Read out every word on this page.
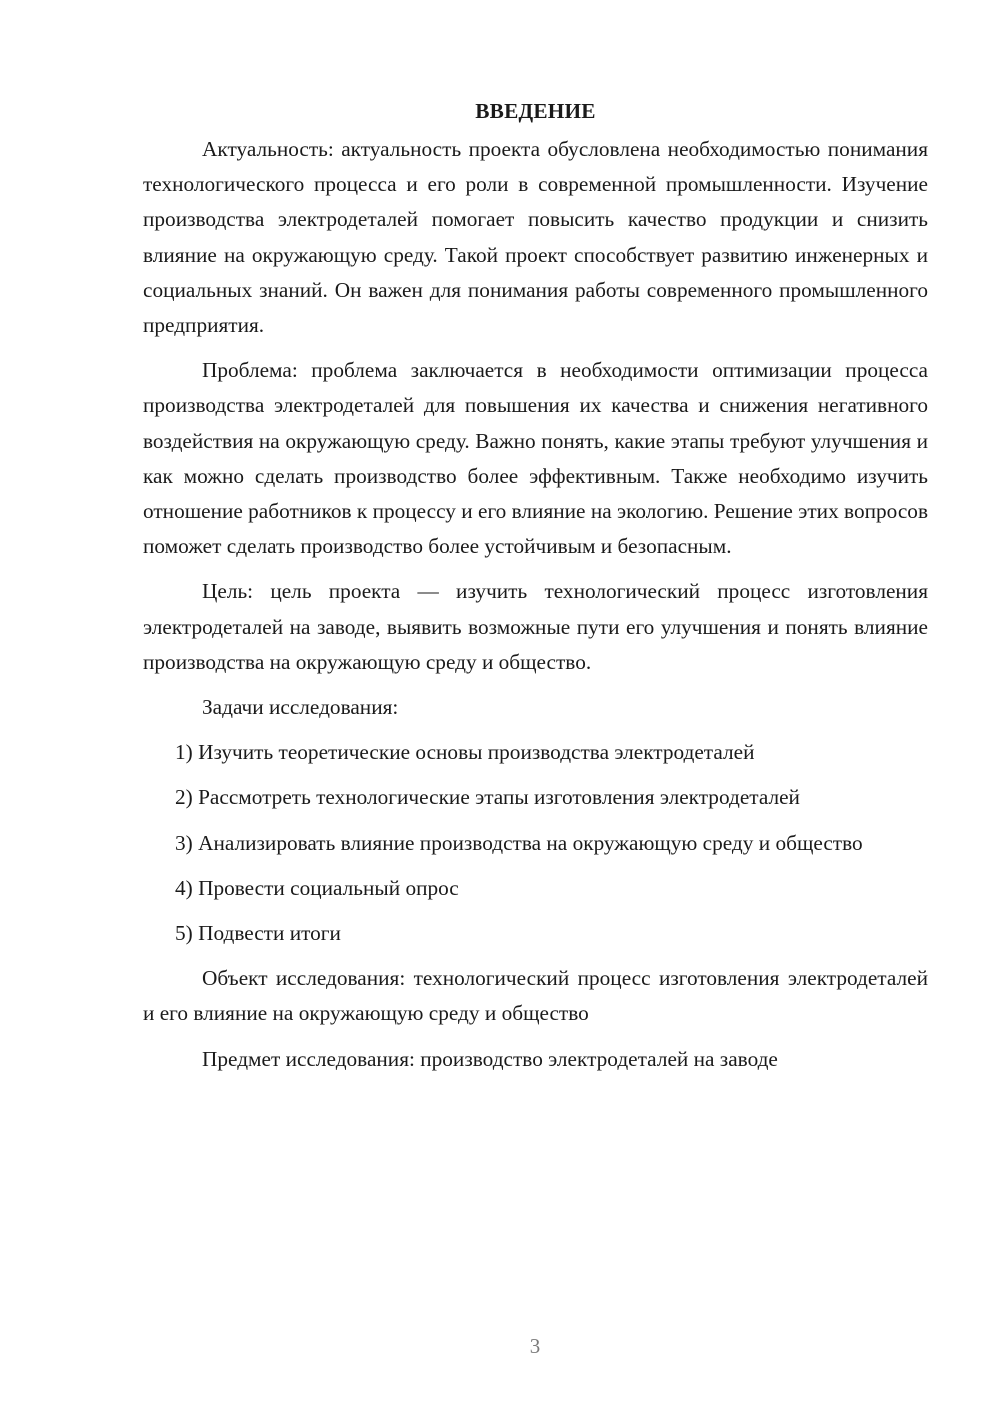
ВВЕДЕНИЕ

Актуальность: актуальность проекта обусловлена необходимостью понимания технологического процесса и его роли в современной промышленности. Изучение производства электродеталей помогает повысить качество продукции и снизить влияние на окружающую среду. Такой проект способствует развитию инженерных и социальных знаний. Он важен для понимания работы современного промышленного предприятия.

Проблема: проблема заключается в необходимости оптимизации процесса производства электродеталей для повышения их качества и снижения негативного воздействия на окружающую среду. Важно понять, какие этапы требуют улучшения и как можно сделать производство более эффективным. Также необходимо изучить отношение работников к процессу и его влияние на экологию. Решение этих вопросов поможет сделать производство более устойчивым и безопасным.

Цель: цель проекта — изучить технологический процесс изготовления электродеталей на заводе, выявить возможные пути его улучшения и понять влияние производства на окружающую среду и общество.

Задачи исследования:

1) Изучить теоретические основы производства электродеталей

2) Рассмотреть технологические этапы изготовления электродеталей

3) Анализировать влияние производства на окружающую среду и общество

4) Провести социальный опрос

5) Подвести итоги

Объект исследования: технологический процесс изготовления электродеталей и его влияние на окружающую среду и общество

Предмет исследования: производство электродеталей на заводе

3
